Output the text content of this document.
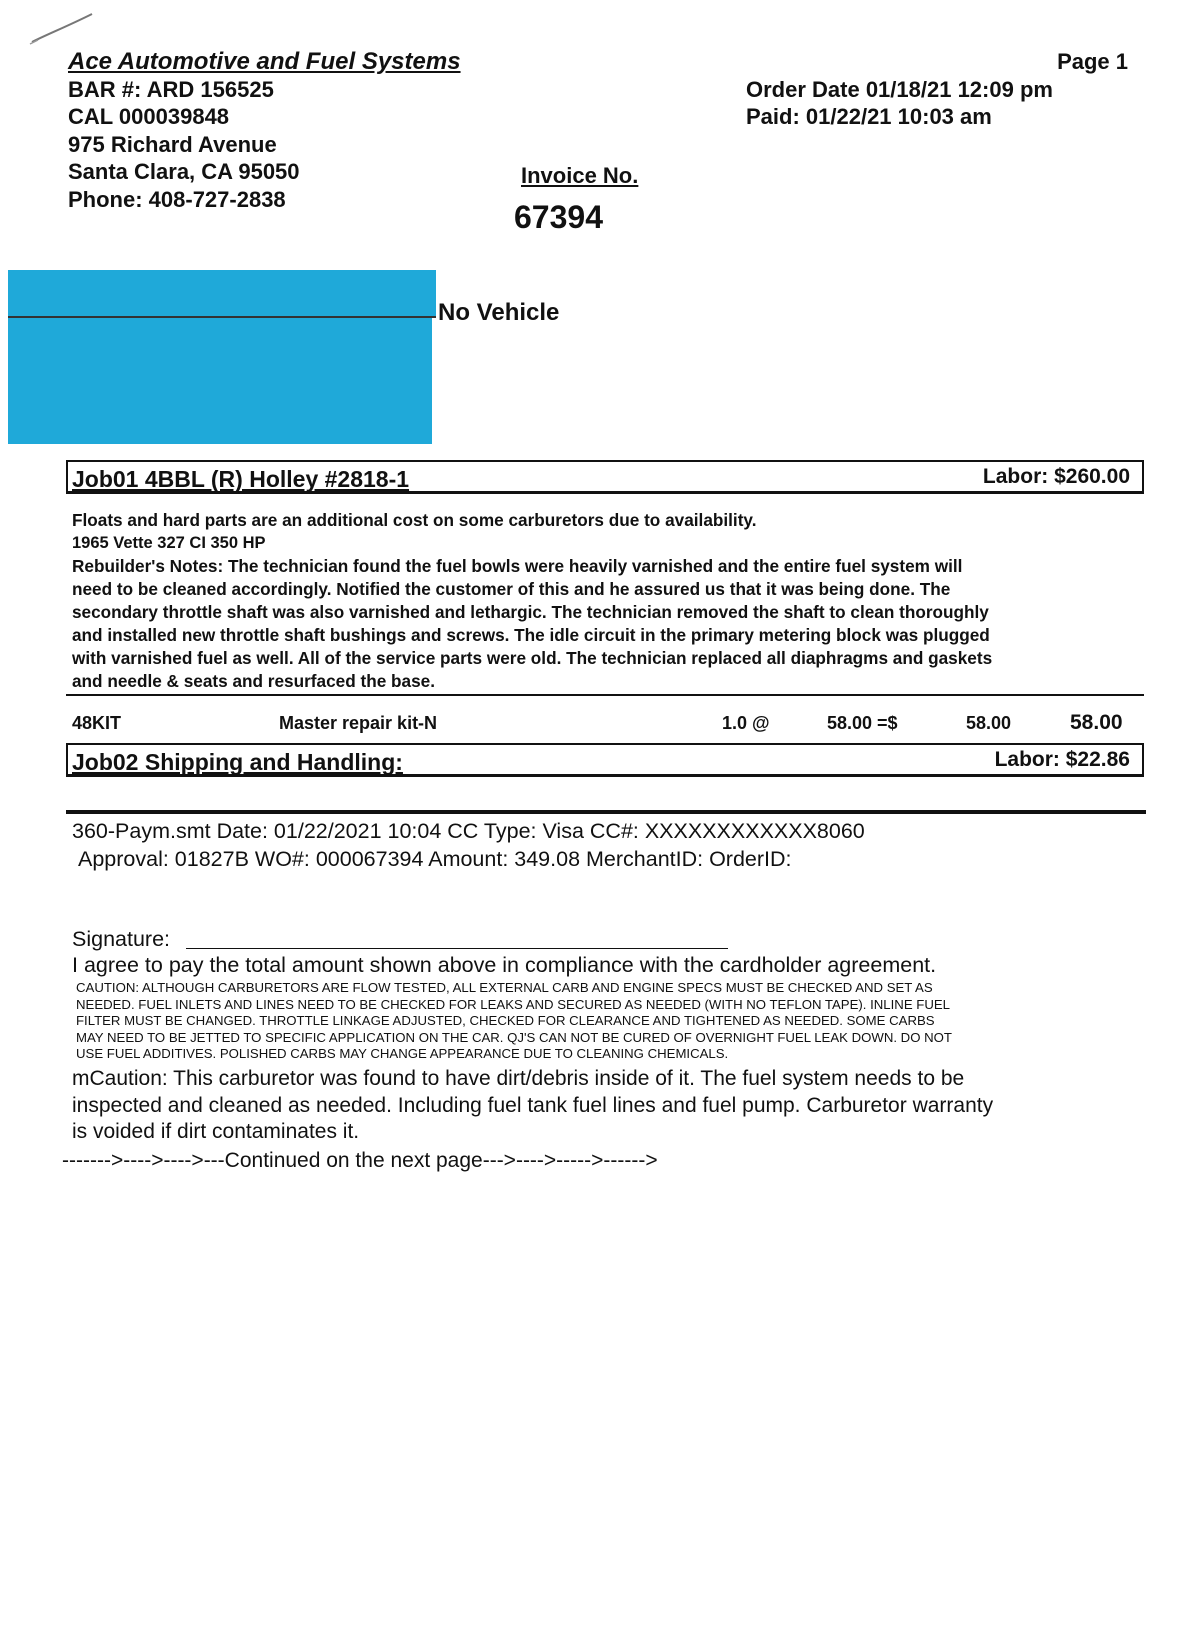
Ace Automotive and Fuel Systems
BAR #: ARD 156525
CAL 000039848
975 Richard Avenue
Santa Clara, CA 95050
Phone: 408-727-2838
Page 1
Order Date 01/18/21 12:09 pm
Paid: 01/22/21 10:03 am
Invoice No.
67394
No Vehicle
Job01 4BBL (R) Holley #2818-1	Labor: $260.00
Floats and hard parts are an additional cost on some carburetors due to availability.
1965 Vette 327 CI 350 HP
Rebuilder's Notes: The technician found the fuel bowls were heavily varnished and the entire fuel system will
need to be cleaned accordingly. Notified the customer of this and he assured us that it was being done. The
secondary throttle shaft was also varnished and lethargic. The technician removed the shaft to clean thoroughly
and installed new throttle shaft bushings and screws. The idle circuit in the primary metering block was plugged
with varnished fuel as well. All of the service parts were old. The technician replaced all diaphragms and gaskets
and needle & seats and resurfaced the base.
48KIT	Master repair kit-N	1.0 @	58.00 =$	58.00	58.00
Job02 Shipping and Handling:	Labor: $22.86
360-Paym.smt Date: 01/22/2021 10:04 CC Type: Visa CC#: XXXXXXXXXXXX8060
Approval: 01827B WO#: 000067394 Amount: 349.08 MerchantID: OrderID:
Signature:
I agree to pay the total amount shown above in compliance with the cardholder agreement.
CAUTION: ALTHOUGH CARBURETORS ARE FLOW TESTED, ALL EXTERNAL CARB AND ENGINE SPECS MUST BE CHECKED AND SET AS
NEEDED. FUEL INLETS AND LINES NEED TO BE CHECKED FOR LEAKS AND SECURED AS NEEDED (WITH NO TEFLON TAPE). INLINE FUEL
FILTER MUST BE CHANGED. THROTTLE LINKAGE ADJUSTED, CHECKED FOR CLEARANCE AND TIGHTENED AS NEEDED. SOME CARBS
MAY NEED TO BE JETTED TO SPECIFIC APPLICATION ON THE CAR. QJ'S CAN NOT BE CURED OF OVERNIGHT FUEL LEAK DOWN. DO NOT
USE FUEL ADDITIVES. POLISHED CARBS MAY CHANGE APPEARANCE DUE TO CLEANING CHEMICALS.
mCaution: This carburetor was found to have dirt/debris inside of it. The fuel system needs to be
inspected and cleaned as needed. Including fuel tank fuel lines and fuel pump. Carburetor warranty
is voided if dirt contaminates it.
------->---->---->---Continued on the next page--->---->----->------>
